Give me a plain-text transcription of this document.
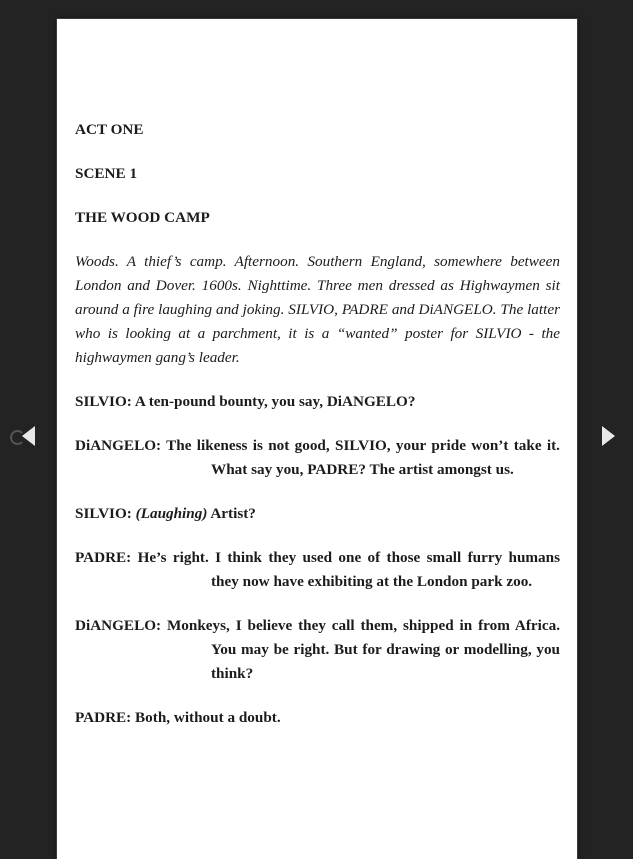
ACT ONE
SCENE 1
THE WOOD CAMP
Woods. A thief’s camp. Afternoon. Southern England, somewhere between London and Dover. 1600s. Nighttime. Three men dressed as Highwaymen sit around a fire laughing and joking. SILVIO, PADRE and DiANGELO. The latter who is looking at a parchment, it is a “wanted” poster for SILVIO - the highwaymen gang’s leader.
SILVIO: A ten-pound bounty, you say, DiANGELO?
DiANGELO: The likeness is not good, SILVIO, your pride won’t take it. What say you, PADRE? The artist amongst us.
SILVIO: (Laughing) Artist?
PADRE: He’s right. I think they used one of those small furry humans they now have exhibiting at the London park zoo.
DiANGELO: Monkeys, I believe they call them, shipped in from Africa. You may be right. But for drawing or modelling, you think?
PADRE: Both, without a doubt.
